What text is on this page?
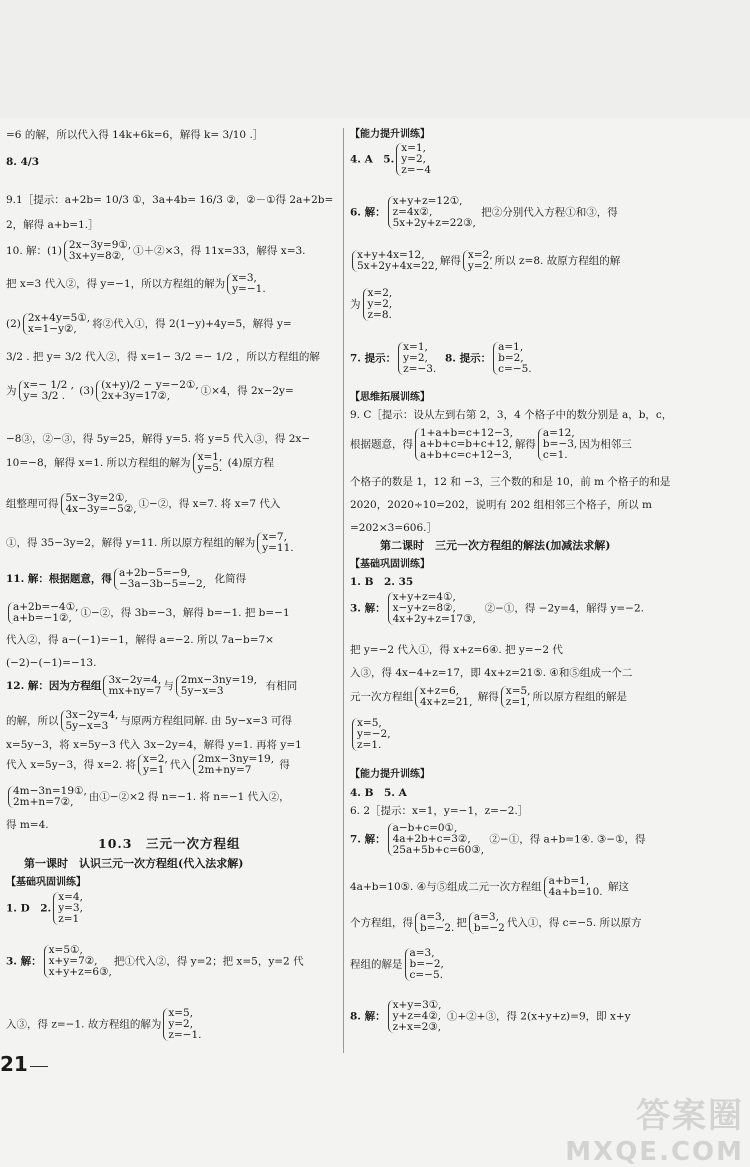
=6 的解，所以代入得 14k+6k=6，解得 k= 3/10 .］
8. 4/3
9.1［提示：a+2b= 10/3 ①，3a+4b= 16/3 ②，②－①得 2a+2b=
2，解得 a+b=1.］
10. 解：(1) 2x−3y=9①,
3x+y=8②, ①＋②×3，得 11x=33，解得 x=3.
把 x=3 代入②，得 y=−1，所以方程组的解为 x=3,
y=−1.
(2) 2x+4y=5①,
x=1−y②,	将②代入①，得 2(1−y)+4y=5，解得 y=
3/2 . 把 y= 3/2 代入②，得 x=1− 3/2 =− 1/2 ，所以方程组的解
为 x=− 1/2 ,
y= 3/2 .	(3) (x+y)/2 − y=−2①,
2x+3y=17②,	①×4，得 2x−2y=
−8③，②−③，得 5y=25，解得 y=5. 将 y=5 代入③，得 2x−
10=−8，解得 x=1. 所以方程组的解为 x=1,
y=5. (4)原方程
组整理可得 5x−3y=2①,
4x−3y=−5②, ①−②，得 x=7. 将 x=7 代入
①，得 35−3y=2，解得 y=11. 所以原方程组的解为 x=7,
y=11.
11. 解：根据题意，得 a+2b−5=−9,
−3a−3b−5=−2, 化简得
a+2b=−4①,
a+b=−1②, ①−②，得 3b=−3，解得 b=−1. 把 b=−1
代入②，得 a−(−1)=−1，解得 a=−2. 所以 7a−b=7×
(−2)−(−1)=−13.
12. 解：因为方程组 3x−2y=4,
mx+ny=7 与 2mx−3ny=19,
5y−x=3	有相同
的解，所以 3x−2y=4,
5y−x=3	与原两方程组同解. 由 5y−x=3 可得
x=5y−3，将 x=5y−3 代入 3x−2y=4，解得 y=1. 再将 y=1
代入 x=5y−3，得 x=2. 将 x=2,
y=1 代入 2mx−3ny=19,
2m+ny=7	得
4m−3n=19①,
2m+n=7②,	由①−②×2 得 n=−1. 将 n=−1 代入②，
得 m=4.
10.3　三元一次方程组
第一课时　认识三元一次方程组(代入法求解)
【基础巩固训练】
1. D　2.
x=4,
y=3,
z=1
3. 解：
x=5①,
x+y=7②,
x+y+z=6③,
把①代入②，得 y=2；把 x=5，y=2 代
入③，得 z=−1. 故方程组的解为
x=5,
y=2,
z=−1.
【能力提升训练】
4. A　5.
x=1,
y=2,
z=−4
6. 解：
x+y+z=12①,
z=4x②,
5x+2y+z=22③,
把②分别代入方程①和③，得
x+y+4x=12,
5x+2y+4x=22, 解得 x=2,
y=2. 所以 z=8. 故原方程组的解
为
x=2,
y=2,
z=8.
7. 提示：
x=1,
y=2,
z=−3.
8. 提示：
a=1,
b=2,
c=−5.
【思维拓展训练】
9. C［提示：设从左到右第 2，3，4 个格子中的数分别是 a，b，c，
根据题意，得
1+a+b=c+12−3,
a+b+c=b+c+12,
a+b+c=c+12−3,
解得
a=12,
b=−3,
c=1.
因为相邻三
个格子的数是 1，12 和 −3，三个数的和是 10，前 m 个格子的和是
2020，2020÷10=202，说明有 202 组相邻三个格子，所以 m
=202×3=606.］
第二课时　三元一次方程组的解法(加减法求解)
【基础巩固训练】
1. B　2. 35
3. 解：
x+y+z=4①,
x−y+z=8②,
4x+2y+z=17③,
②−①，得 −2y=4，解得 y=−2.
把 y=−2 代入①，得 x+z=6④. 把 y=−2 代
入③，得 4x−4+z=17，即 4x+z=21⑤. ④和⑤组成一个二
元一次方程组 x+z=6,
4x+z=21, 解得 x=5,
z=1, 所以原方程组的解是
x=5,
y=−2,
z=1.
【能力提升训练】
4. B　5. A
6. 2［提示：x=1，y=−1，z=−2.］
7. 解：
a−b+c=0①,
4a+2b+c=3②,
25a+5b+c=60③,
②−①，得 a+b=1④. ③−①，得
4a+b=10⑤. ④与⑤组成二元一次方程组 a+b=1,
4a+b=10. 解这
个方程组，得 a=3,
b=−2. 把 a=3,
b=−2 代入①，得 c=−5. 所以原方
程组的解是
a=3,
b=−2,
c=−5.
8. 解：
x+y=3①,
y+z=4②,
z+x=2③,
①+②+③，得 2(x+y+z)=9，即 x+y
21
答案圈
MXQE.COM
